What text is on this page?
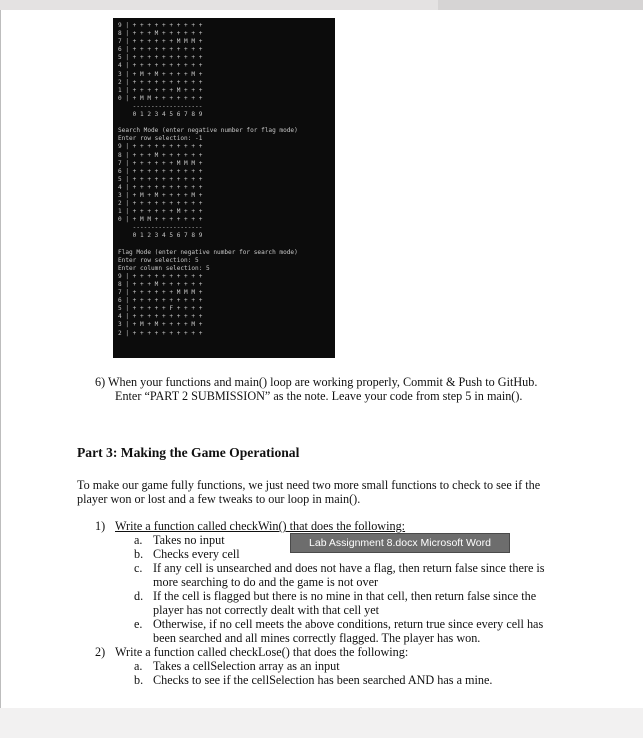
9 | + + + + + + + + + +
8 | + + + M + + + + + +
7 | + + + + + + M M M +
6 | + + + + + + + + + +
5 | + + + + + + + + + +
4 | + + + + + + + + + +
3 | + M + M + + + + M +
2 | + + + + + + + + + +
1 | + + + + + + M + + +
0 | + M M + + + + + + +
-------------------
0 1 2 3 4 5 6 7 8 9

Search Mode (enter negative number for flag mode)
Enter row selection: -1
9 | + + + + + + + + + +
8 | + + + M + + + + + +
7 | + + + + + + M M M +
6 | + + + + + + + + + +
5 | + + + + + + + + + +
4 | + + + + + + + + + +
3 | + M + M + + + + M +
2 | + + + + + + + + + +
1 | + + + + + + M + + +
0 | + M M + + + + + + +
-------------------
0 1 2 3 4 5 6 7 8 9

Flag Mode (enter negative number for search mode)
Enter row selection: 5
Enter column selection: 5
9 | + + + + + + + + + +
8 | + + + M + + + + + +
7 | + + + + + + M M M +
6 | + + + + + + + + + +
5 | + + + + + F + + + +
4 | + + + + + + + + + +
3 | + M + M + + + + M +
2 | + + + + + + + + + +
6) When your functions and main() loop are working properly, Commit & Push to GitHub.
Enter “PART 2 SUBMISSION” as the note. Leave your code from step 5 in main().
Part 3: Making the Game Operational
To make our game fully functions, we just need two more small functions to check to see if the
player won or lost and a few tweaks to our loop in main().
1) Write a function called checkWin() that does the following:
a. Takes no input
b. Checks every cell
c. If any cell is unsearched and does not have a flag, then return false since there is
more searching to do and the game is not over
d. If the cell is flagged but there is no mine in that cell, then return false since the
player has not correctly dealt with that cell yet
e. Otherwise, if no cell meets the above conditions, return true since every cell has
been searched and all mines correctly flagged. The player has won.
2) Write a function called checkLose() that does the following:
a. Takes a cellSelection array as an input
b. Checks to see if the cellSelection has been searched AND has a mine.
Lab Assignment 8.docx Microsoft Word
